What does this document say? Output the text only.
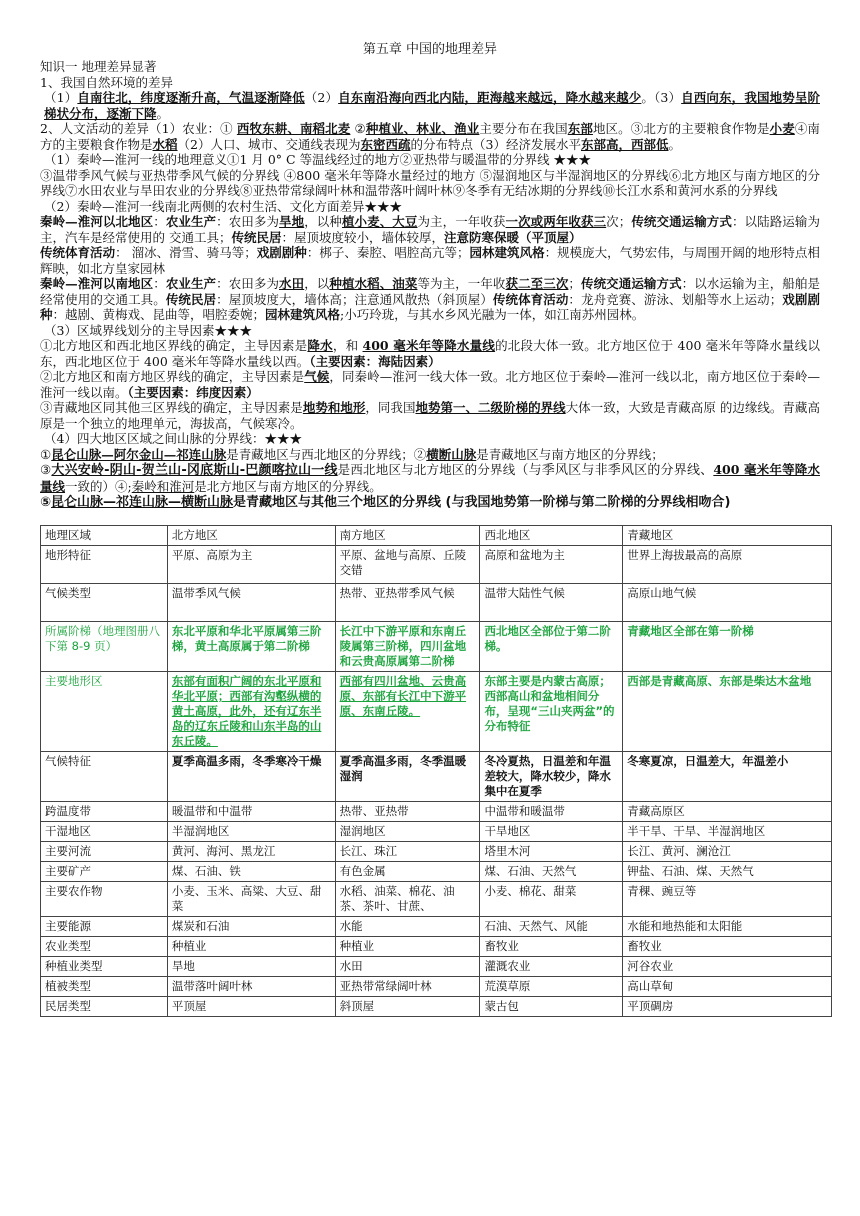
第五章 中国的地理差异

知识一 地理差异显著

1、我国自然环境的差异

（1）自南往北，纬度逐渐升高，气温逐渐降低（2）自东南沿海向西北内陆，距海越来越远，降水越来越少。（3）自西向东，我国地势呈阶梯状分布，逐渐下降。

2、人文活动的差异（1）农业：① 西牧东耕、南稻北麦 ②种植业、林业、渔业主要分布在我国东部地区。③北方的主要粮食作物是小麦④南方的主要粮食作物是水稻（2）人口、城市、交通线表现为东密西疏的分布特点（3）经济发展水平东部高，西部低。

（1）秦岭—淮河一线的地理意义①1 月 0° C 等温线经过的地方②亚热带与暖温带的分界线 ★★★

③温带季风气候与亚热带季风气候的分界线 ④800 毫米年等降水量经过的地方 ⑤湿润地区与半湿润地区的分界线⑥北方地区与南方地区的分界线⑦水田农业与旱田农业的分界线⑧亚热带常绿阔叶林和温带落叶阔叶林⑨冬季有无结冰期的分界线⑩长江水系和黄河水系的分界线

（2）秦岭—淮河一线南北两侧的农村生活、文化方面差异★★★

秦岭—淮河以北地区：农业生产：农田多为旱地，以种植小麦、大豆为主，一年收获一次或两年收获三次；传统交通运输方式：以陆路运输为主，汽车是经常使用的 交通工具；传统民居：屋顶坡度较小，墙体较厚，注意防寒保暖（平顶屋）

传统体育活动： 溜冰、滑雪、骑马等；戏剧剧种：梆子、秦腔、唱腔高亢等；园林建筑风格：规模庞大，气势宏伟，与周围开阔的地形特点相辉映，如北方皇家园林

秦岭—淮河以南地区：农业生产：农田多为水田，以种植水稻、油菜等为主，一年收获二至三次；传统交通运输方式：以水运输为主，船舶是经常使用的交通工具。传统民居：屋顶坡度大，墙体高；注意通风散热（斜顶屋）传统体育活动：龙舟竞赛、游泳、划船等水上运动；戏剧剧种：越剧、黄梅戏、昆曲等，唱腔委婉；园林建筑风格;小巧玲珑，与其水乡风光融为一体，如江南苏州园林。

（3）区域界线划分的主导因素★★★

①北方地区和西北地区界线的确定，主导因素是降水，和 400 毫米年等降水量线的北段大体一致。北方地区位于 400 毫米年等降水量线以东，西北地区位于 400 毫米年等降水量线以西。（主要因素：海陆因素）

②北方地区和南方地区界线的确定，主导因素是气候，同秦岭—淮河一线大体一致。北方地区位于秦岭—淮河一线以北，南方地区位于秦岭—淮河一线以南。（主要因素：纬度因素）

③青藏地区同其他三区界线的确定，主导因素是地势和地形，同我国地势第一、二级阶梯的界线大体一致，大致是青藏高原 的边缘线。青藏高原是一个独立的地理单元，海拔高，气候寒冷。

（4）四大地区区域之间山脉的分界线：★★★

①昆仑山脉—阿尔金山—祁连山脉是青藏地区与西北地区的分界线；②横断山脉是青藏地区与南方地区的分界线；

③大兴安岭-阴山-贺兰山-冈底斯山-巴颜喀拉山一线是西北地区与北方地区的分界线（与季风区与非季风区的分界线、400 毫米年等降水量线一致的）④;秦岭和淮河是北方地区与南方地区的分界线。

⑤昆仑山脉—祁连山脉—横断山脉是青藏地区与其他三个地区的分界线 (与我国地势第一阶梯与第二阶梯的分界线相吻合)

地理区域	北方地区	南方地区	西北地区	青藏地区
地形特征	平原、高原为主	平原、盆地与高原、丘陵交错	高原和盆地为主	世界上海拔最高的高原
气候类型	温带季风气候	热带、亚热带季风气候	温带大陆性气候	高原山地气候
所属阶梯（地理图册八下第 8-9 页）	东北平原和华北平原属第三阶梯，黄土高原属于第二阶梯	长江中下游平原和东南丘陵属第三阶梯，四川盆地和云贵高原属第二阶梯	西北地区全部位于第二阶梯。	青藏地区全部在第一阶梯
主要地形区	东部有面积广阔的东北平原和华北平原；西部有沟壑纵横的黄土高原，此外，还有辽东半岛的辽东丘陵和山东半岛的山东丘陵。	西部有四川盆地、云贵高原、东部有长江中下游平原、东南丘陵。	东部主要是内蒙古高原；西部高山和盆地相间分布，呈现“三山夹两盆”的分布特征	西部是青藏高原、东部是柴达木盆地
气候特征	夏季高温多雨，冬季寒冷干燥	夏季高温多雨，冬季温暖湿润	冬冷夏热，日温差和年温差较大，降水较少，降水集中在夏季	冬寒夏凉，日温差大，年温差小
跨温度带	暖温带和中温带	热带、亚热带	中温带和暖温带	青藏高原区
干湿地区	半湿润地区	湿润地区	干旱地区	半干旱、干旱、半湿润地区
主要河流	黄河、海河、黑龙江	长江、珠江	塔里木河	长江、黄河、澜沧江
主要矿产	煤、石油、铁	有色金属	煤、石油、天然气	钾盐、石油、煤、天然气
主要农作物	小麦、玉米、高粱、大豆、甜菜	水稻、油菜、棉花、油茶、茶叶、甘蔗、	小麦、棉花、甜菜	青稞、豌豆等
主要能源	煤炭和石油	水能	石油、天然气、风能	水能和地热能和太阳能
农业类型	种植业	种植业	畜牧业	畜牧业
种植业类型	旱地	水田	灌溉农业	河谷农业
植被类型	温带落叶阔叶林	亚热带常绿阔叶林	荒漠草原	高山草甸
民居类型	平顶屋	斜顶屋	蒙古包	平顶碉房
